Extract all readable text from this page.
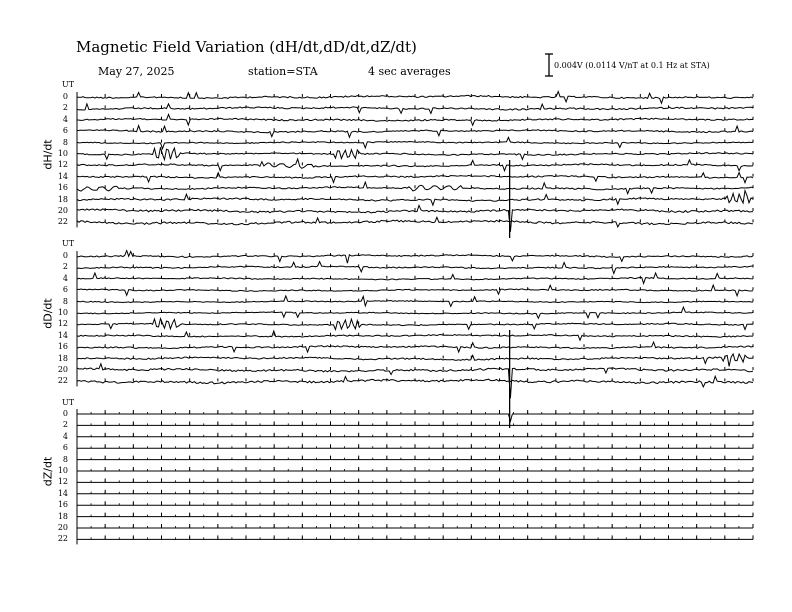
Magnetic Field Variation (dH/dt,dD/dt,dZ/dt)
May 27, 2025	station=STA	4 sec averages	0.004V (0.0114 V/nT at 0.1 Hz at STA)
UT
dH/dt
0
2
4
6
8
10
12
14
16
18
20
22
UT
dD/dt
0
2
4
6
8
10
12
14
16
18
20
22
UT
dZ/dt
0
2
4
6
8
10
12
14
16
18
20
22
